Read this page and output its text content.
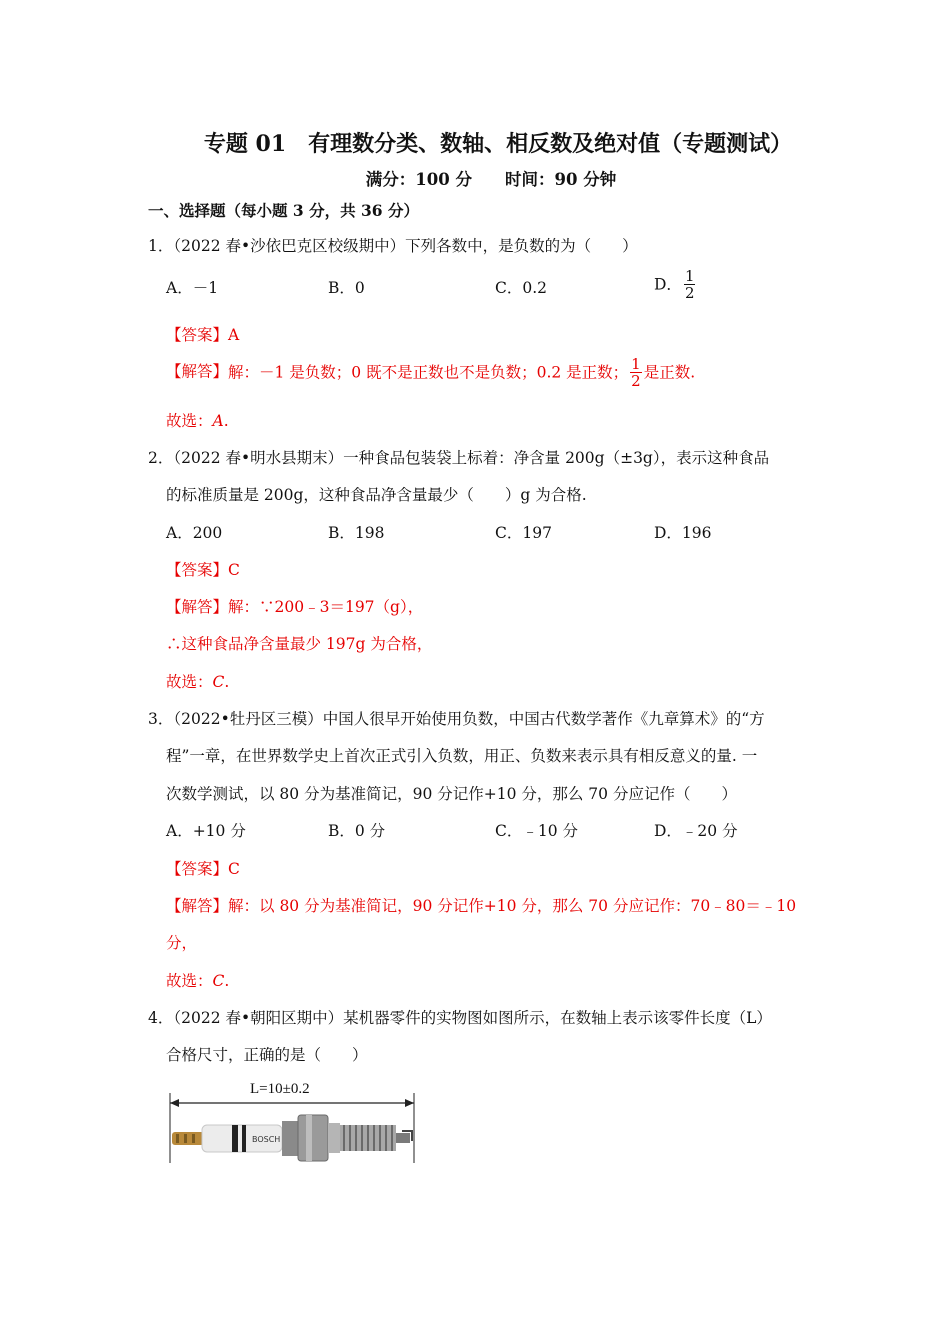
专题 01　有理数分类、数轴、相反数及绝对值（专题测试）
满分：100 分　　时间：90 分钟
一、选择题（每小题 3 分，共 36 分）
1．（2022 春•沙依巴克区校级期中）下列各数中，是负数的为（　　）
A．－1	B．0	C．0.2	D． $\frac{1}{2}$
【答案】A
【解答】解：－1 是负数；0 既不是正数也不是负数；0.2 是正数； $\frac{1}{2}$ 是正数.
故选：A.
2．（2022 春•明水县期末）一种食品包装袋上标着：净含量 200g（±3g），表示这种食品
的标准质量是 200g，这种食品净含量最少（　　）g 为合格.
A．200	B．198	C．197	D．196
【答案】C
【解答】解：∵200﹣3＝197（g），
∴这种食品净含量最少 197g 为合格，
故选：C.
3．（2022•牡丹区三模）中国人很早开始使用负数，中国古代数学著作《九章算术》的“方
程”一章，在世界数学史上首次正式引入负数，用正、负数来表示具有相反意义的量. 一
次数学测试，以 80 分为基准简记，90 分记作+10 分，那么 70 分应记作（　　）
A．+10 分	B．0 分	C．﹣10 分	D．﹣20 分
【答案】C
【解答】解：以 80 分为基准简记，90 分记作+10 分，那么 70 分应记作：70﹣80＝﹣10
分，
故选：C.
4．（2022 春•朝阳区期中）某机器零件的实物图如图所示，在数轴上表示该零件长度（L）
合格尺寸，正确的是（　　）
L=10±0.2
BOSCH
